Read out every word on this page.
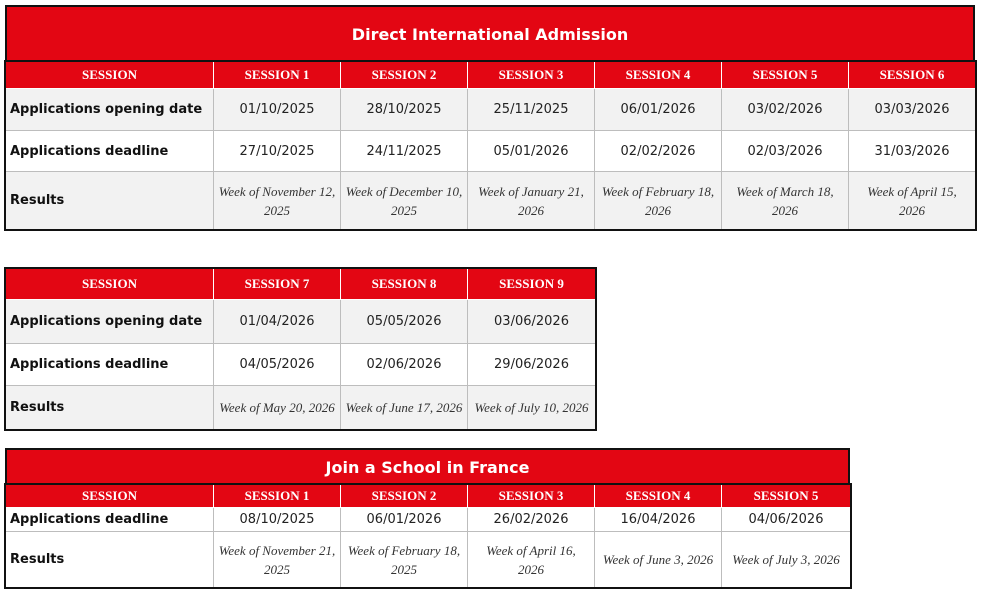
Direct International Admission
SESSION	SESSION 1	SESSION 2	SESSION 3	SESSION 4	SESSION 5	SESSION 6
Applications opening date	01/10/2025	28/10/2025	25/11/2025	06/01/2026	03/02/2026	03/03/2026
Applications deadline	27/10/2025	24/11/2025	05/01/2026	02/02/2026	02/03/2026	31/03/2026
Results	Week of November 12, 2025	Week of December 10, 2025	Week of January 21, 2026	Week of February 18, 2026	Week of March 18, 2026	Week of April 15, 2026
SESSION	SESSION 7	SESSION 8	SESSION 9
Applications opening date	01/04/2026	05/05/2026	03/06/2026
Applications deadline	04/05/2026	02/06/2026	29/06/2026
Results	Week of May 20, 2026	Week of June 17, 2026	Week of July 10, 2026
Join a School in France
SESSION	SESSION 1	SESSION 2	SESSION 3	SESSION 4	SESSION 5
Applications deadline	08/10/2025	06/01/2026	26/02/2026	16/04/2026	04/06/2026
Results	Week of November 21, 2025	Week of February 18, 2025	Week of April 16, 2026	Week of June 3, 2026	Week of July 3, 2026
